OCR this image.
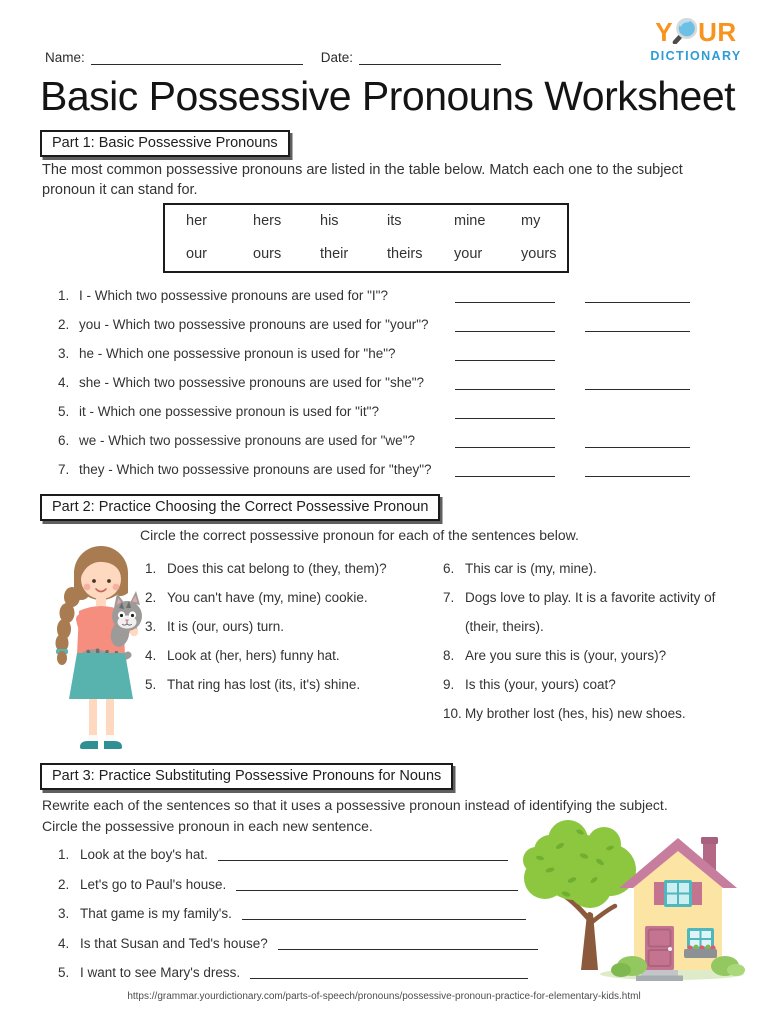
Name:	Date:
Y UR
DICTIONARY
Basic Possessive Pronouns Worksheet
Part 1: Basic Possessive Pronouns
The most common possessive pronouns are listed in the table below. Match each one to the subject pronoun it can stand for.
her	hers	his	its	mine	my
our	ours	their	theirs	your	yours
1. I - Which two possessive pronouns are used for "I"?
2. you - Which two possessive pronouns are used for "your"?
3. he - Which one possessive pronoun is used for "he"?
4. she - Which two possessive pronouns are used for "she"?
5. it - Which one possessive pronoun is used for "it"?
6. we - Which two possessive pronouns are used for "we"?
7. they - Which two possessive pronouns are used for "they"?
Part 2: Practice Choosing the Correct Possessive Pronoun
Circle the correct possessive pronoun for each of the sentences below.
1. Does this cat belong to (they, them)?
2. You can't have (my, mine) cookie.
3. It is (our, ours) turn.
4. Look at (her, hers) funny hat.
5. That ring has lost (its, it's) shine.
6. This car is (my, mine).
7. Dogs love to play. It is a favorite activity of (their, theirs).
8. Are you sure this is (your, yours)?
9. Is this (your, yours) coat?
10. My brother lost (hes, his) new shoes.
Part 3: Practice Substituting Possessive Pronouns for Nouns
Rewrite each of the sentences so that it uses a possessive pronoun instead of identifying the subject.
Circle the possessive pronoun in each new sentence.
1. Look at the boy's hat.
2. Let's go to Paul's house.
3. That game is my family's.
4. Is that Susan and Ted's house?
5. I want to see Mary's dress.
https://grammar.yourdictionary.com/parts-of-speech/pronouns/possessive-pronoun-practice-for-elementary-kids.html
